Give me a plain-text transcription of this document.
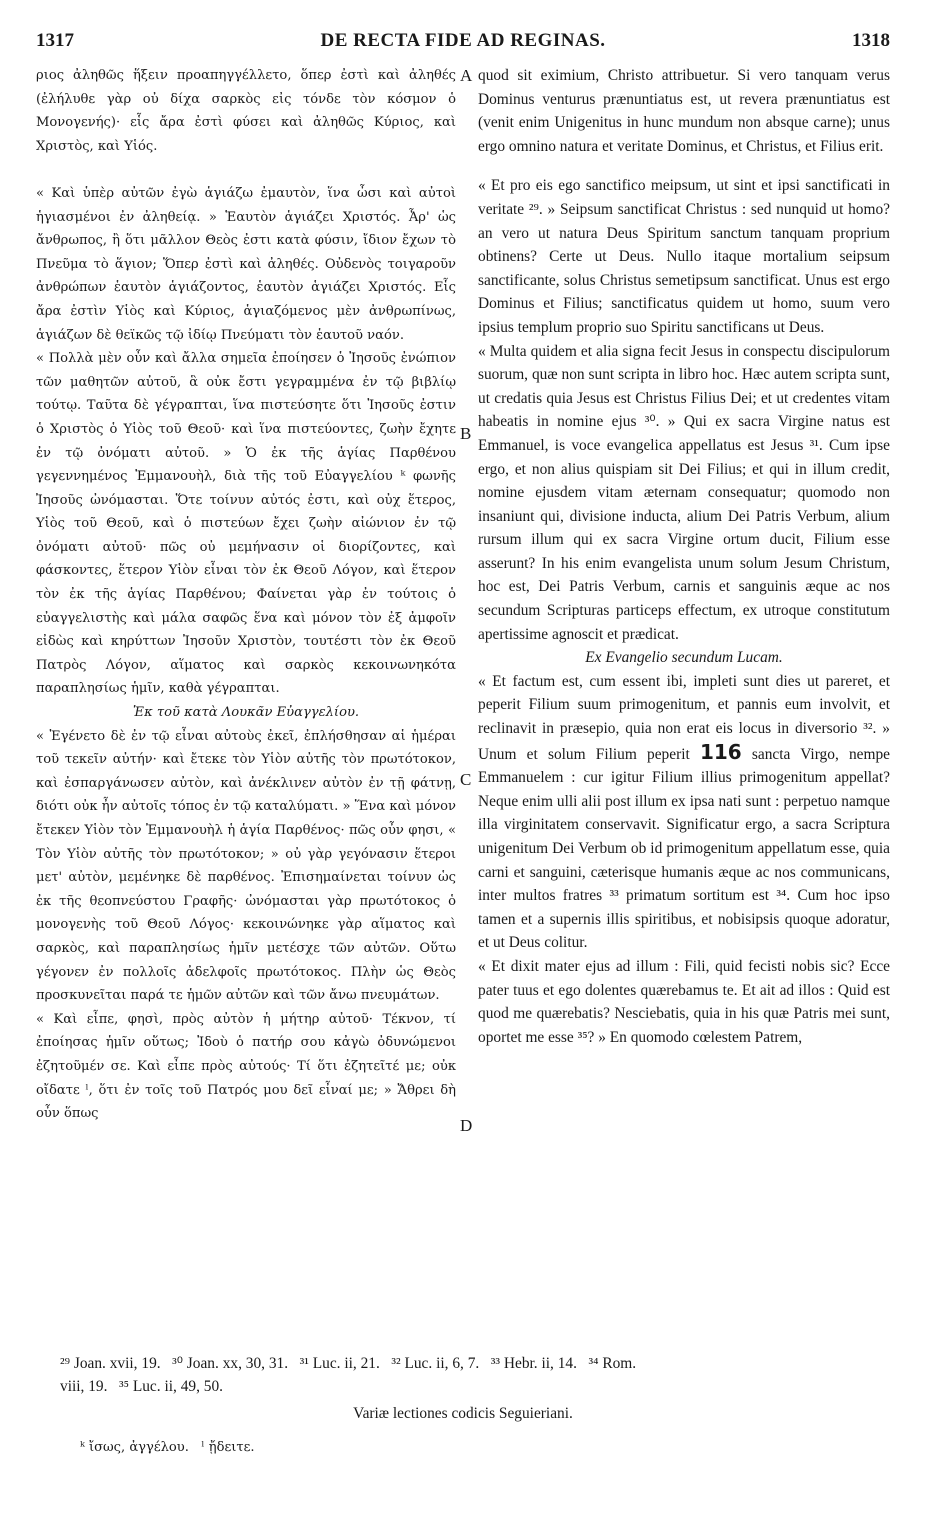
1317	DE RECTA FIDE AD REGINAS.	1318

ριος ἀληθῶς ἥξειν προαπηγγέλλετο, ὅπερ ἐστὶ καὶ ἀληθές (ἐλήλυθε γὰρ οὐ δίχα σαρκὸς εἰς τόνδε τὸν κόσμον ὁ Μονογενής)· εἷς ἄρα ἐστὶ φύσει καὶ ἀληθῶς Κύριος, καὶ Χριστὸς, καὶ Υἱός.

« Καὶ ὑπὲρ αὐτῶν ἐγὼ ἁγιάζω ἐμαυτὸν, ἵνα ὦσι καὶ αὐτοὶ ἡγιασμένοι ἐν ἀληθείᾳ. » Ἑαυτὸν ἁγιάζει Χριστός. Ἆρ' ὡς ἄνθρωπος, ἢ ὅτι μᾶλλον Θεὸς ἐστι κατὰ φύσιν, ἴδιον ἔχων τὸ Πνεῦμα τὸ ἅγιον; Ὅπερ ἐστὶ καὶ ἀληθές. Οὐδενὸς τοιγαροῦν ἀνθρώπων ἑαυτὸν ἁγιάζοντος, ἑαυτὸν ἁγιάζει Χριστός. Εἷς ἄρα ἐστὶν Υἱὸς καὶ Κύριος, ἁγιαζόμενος μὲν ἀνθρωπίνως, ἁγιάζων δὲ θεϊκῶς τῷ ἰδίῳ Πνεύματι τὸν ἑαυτοῦ ναόν.

« Πολλὰ μὲν οὖν καὶ ἄλλα σημεῖα ἐποίησεν ὁ Ἰησοῦς ἐνώπιον τῶν μαθητῶν αὐτοῦ, ἃ οὐκ ἔστι γεγραμμένα ἐν τῷ βιβλίῳ τούτῳ. Ταῦτα δὲ γέγραπται, ἵνα πιστεύσητε ὅτι Ἰησοῦς ἐστιν ὁ Χριστὸς ὁ Υἱὸς τοῦ Θεοῦ· καὶ ἵνα πιστεύοντες, ζωὴν ἔχητε ἐν τῷ ὀνόματι αὐτοῦ. » Ὁ ἐκ τῆς ἁγίας Παρθένου γεγεννημένος Ἐμμανουὴλ, διὰ τῆς τοῦ Εὐαγγελίου ᵏ φωνῆς Ἰησοῦς ὠνόμασται. Ὅτε τοίνυν αὐτός ἐστι, καὶ οὐχ ἕτερος, Υἱὸς τοῦ Θεοῦ, καὶ ὁ πιστεύων ἔχει ζωὴν αἰώνιον ἐν τῷ ὀνόματι αὐτοῦ· πῶς οὐ μεμήνασιν οἱ διορίζοντες, καὶ φάσκοντες, ἕτερον Υἱὸν εἶναι τὸν ἐκ Θεοῦ Λόγον, καὶ ἕτερον τὸν ἐκ τῆς ἁγίας Παρθένου; Φαίνεται γὰρ ἐν τούτοις ὁ εὐαγγελιστὴς καὶ μάλα σαφῶς ἕνα καὶ μόνον τὸν ἐξ ἀμφοῖν εἰδὼς καὶ κηρύττων Ἰησοῦν Χριστὸν, τουτέστι τὸν ἐκ Θεοῦ Πατρὸς Λόγον, αἵματος καὶ σαρκὸς κεκοινωνηκότα παραπλησίως ἡμῖν, καθὰ γέγραπται.

Ἐκ τοῦ κατὰ Λουκᾶν Εὐαγγελίου.

« Ἐγένετο δὲ ἐν τῷ εἶναι αὐτοὺς ἐκεῖ, ἐπλήσθησαν αἱ ἡμέραι τοῦ τεκεῖν αὐτήν· καὶ ἔτεκε τὸν Υἱὸν αὐτῆς τὸν πρωτότοκον, καὶ ἐσπαργάνωσεν αὐτὸν, καὶ ἀνέκλινεν αὐτὸν ἐν τῇ φάτνῃ, διότι οὐκ ἦν αὐτοῖς τόπος ἐν τῷ καταλύματι. » Ἕνα καὶ μόνον ἔτεκεν Υἱὸν τὸν Ἐμμανουὴλ ἡ ἁγία Παρθένος· πῶς οὖν φησι, « Τὸν Υἱὸν αὐτῆς τὸν πρωτότοκον; » οὐ γὰρ γεγόνασιν ἕτεροι μετ' αὐτὸν, μεμένηκε δὲ παρθένος. Ἐπισημαίνεται τοίνυν ὡς ἐκ τῆς θεοπνεύστου Γραφῆς· ὠνόμασται γὰρ πρωτότοκος ὁ μονογενὴς τοῦ Θεοῦ Λόγος· κεκοινώνηκε γὰρ αἵματος καὶ σαρκὸς, καὶ παραπλησίως ἡμῖν μετέσχε τῶν αὐτῶν. Οὕτω γέγονεν ἐν πολλοῖς ἀδελφοῖς πρωτότοκος. Πλὴν ὡς Θεὸς προσκυνεῖται παρά τε ἡμῶν αὐτῶν καὶ τῶν ἄνω πνευμάτων.

« Καὶ εἶπε, φησὶ, πρὸς αὐτὸν ἡ μήτηρ αὐτοῦ· Τέκνον, τί ἐποίησας ἡμῖν οὕτως; Ἰδοὺ ὁ πατήρ σου κἀγὼ ὀδυνώμενοι ἐζητοῦμέν σε. Καὶ εἶπε πρὸς αὐτούς· Τί ὅτι ἐζητεῖτέ με; οὐκ οἴδατε ˡ, ὅτι ἐν τοῖς τοῦ Πατρός μου δεῖ εἶναί με; » Ἄθρει δὴ οὖν ὅπως

A
B
C
D

quod sit eximium, Christo attribuetur. Si vero tanquam verus Dominus venturus prænuntiatus est, ut revera prænuntiatus est (venit enim Unigenitus in hunc mundum non absque carne); unus ergo omnino natura et veritate Dominus, et Christus, et Filius erit.

« Et pro eis ego sanctifico meipsum, ut sint et ipsi sanctificati in veritate ²⁹. » Seipsum sanctificat Christus : sed nunquid ut homo? an vero ut natura Deus Spiritum sanctum tanquam proprium obtinens? Certe ut Deus. Nullo itaque mortalium seipsum sanctificante, solus Christus semetipsum sanctificat. Unus est ergo Dominus et Filius; sanctificatus quidem ut homo, suum vero ipsius templum proprio suo Spiritu sanctificans ut Deus.

« Multa quidem et alia signa fecit Jesus in conspectu discipulorum suorum, quæ non sunt scripta in libro hoc. Hæc autem scripta sunt, ut credatis quia Jesus est Christus Filius Dei; et ut credentes vitam habeatis in nomine ejus ³⁰. » Qui ex sacra Virgine natus est Emmanuel, is voce evangelica appellatus est Jesus ³¹. Cum ipse ergo, et non alius quispiam sit Dei Filius; et qui in illum credit, nomine ejusdem vitam æternam consequatur; quomodo non insaniunt qui, divisione inducta, alium Dei Patris Verbum, alium rursum illum qui ex sacra Virgine ortum ducit, Filium esse asserunt? In his enim evangelista unum solum Jesum Christum, hoc est, Dei Patris Verbum, carnis et sanguinis æque ac nos secundum Scripturas particeps effectum, ex utroque constitutum apertissime agnoscit et prædicat.

Ex Evangelio secundum Lucam.

« Et factum est, cum essent ibi, impleti sunt dies ut pareret, et peperit Filium suum primogenitum, et pannis eum involvit, et reclinavit in præsepio, quia non erat eis locus in diversorio ³². » Unum et solum Filium peperit 116 sancta Virgo, nempe Emmanuelem : cur igitur Filium illius primogenitum appellat? Neque enim ulli alii post illum ex ipsa nati sunt : perpetuo namque illa virginitatem conservavit. Significatur ergo, a sacra Scriptura unigenitum Dei Verbum ob id primogenitum appellatum esse, quia carni et sanguini, cæterisque humanis æque ac nos communicans, inter multos fratres ³³ primatum sortitum est ³⁴. Cum hoc ipso tamen et a supernis illis spiritibus, et nobisipsis quoque adoratur, et ut Deus colitur.

« Et dixit mater ejus ad illum : Fili, quid fecisti nobis sic? Ecce pater tuus et ego dolentes quærebamus te. Et ait ad illos : Quid est quod me quærebatis? Nesciebatis, quia in his quæ Patris mei sunt, oportet me esse ³⁵? » En quomodo cœlestem Patrem,

²⁹ Joan. xvii, 19.   ³⁰ Joan. xx, 30, 31.   ³¹ Luc. ii, 21.   ³² Luc. ii, 6, 7.   ³³ Hebr. ii, 14.   ³⁴ Rom.

viii, 19.   ³⁵ Luc. ii, 49, 50.

Variæ lectiones codicis Seguieriani.

ᵏ ἴσως, ἀγγέλου.   ˡ ᾔδειτε.
